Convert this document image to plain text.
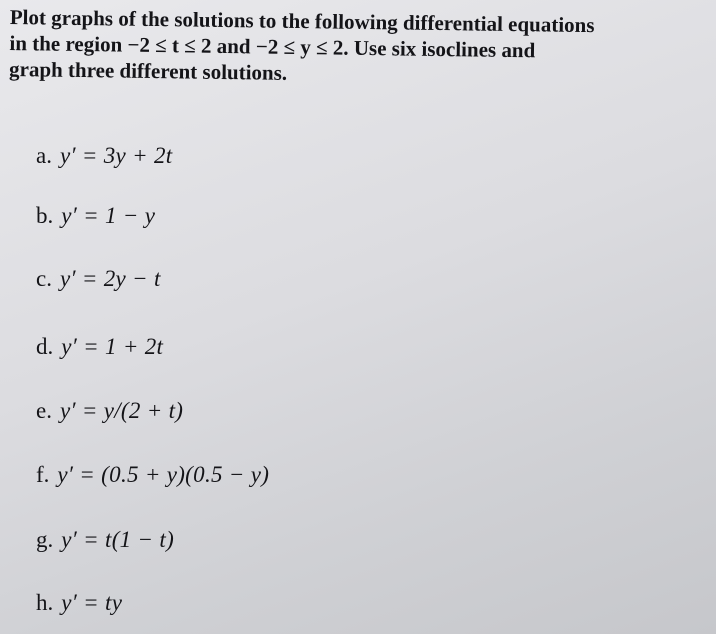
Plot graphs of the solutions to the following differential equations
in the region −2 ≤ t ≤ 2 and −2 ≤ y ≤ 2. Use six isoclines and
graph three different solutions.
a. y′ = 3y + 2t
b. y′ = 1 − y
c. y′ = 2y − t
d. y′ = 1 + 2t
e. y′ = y/(2 + t)
f. y′ = (0.5 + y)(0.5 − y)
g. y′ = t(1 − t)
h. y′ = ty
